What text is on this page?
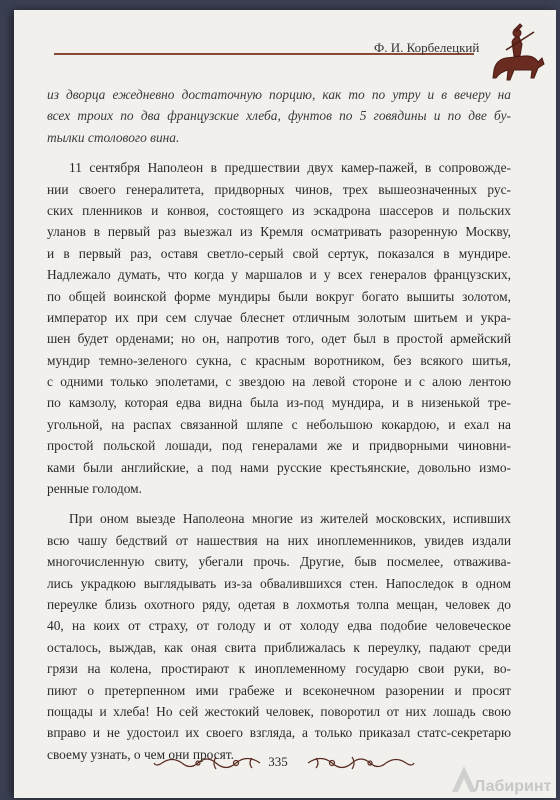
Ф. И. Корбелецкий
из дворца ежедневно достаточную порцию, как то по утру и в вечеру на
всех троих по два французские хлеба, фунтов по 5 говядины и по две бу-
тылки столового вина.
11 сентября Наполеон в предшествии двух камер-пажей, в сопровожде-
нии своего генералитета, придворных чинов, трех вышеозначенных рус-
ских пленников и конвоя, состоящего из эскадрона шассеров и польских
уланов в первый раз выезжал из Кремля осматривать разоренную Москву,
и в первый раз, оставя светло-серый свой сертук, показался в мундире.
Надлежало думать, что когда у маршалов и у всех генералов французских,
по общей воинской форме мундиры были вокруг богато вышиты золотом,
император их при сем случае блеснет отличным золотым шитьем и укра-
шен будет орденами; но он, напротив того, одет был в простой армейский
мундир темно-зеленого сукна, с красным воротником, без всякого шитья,
с одними только эполетами, с звездою на левой стороне и с алою лентою
по камзолу, которая едва видна была из-под мундира, и в низенькой тре-
угольной, на распах связанной шляпе с небольшою кокардою, и ехал на
простой польской лошади, под генералами же и придворными чиновни-
ками были английские, а под нами русские крестьянские, довольно измо-
ренные голодом.
При оном выезде Наполеона многие из жителей московских, испивших
всю чашу бедствий от нашествия на них иноплеменников, увидев издали
многочисленную свиту, убегали прочь. Другие, быв посмелее, отважива-
лись украдкою выглядывать из-за обвалившихся стен. Напоследок в одном
переулке близь охотного ряду, одетая в лохмотья толпа мещан, человек до
40, на коих от страху, от голоду и от холоду едва подобие человеческое
осталось, выждав, как оная свита приближалась к переулку, падают среди
грязи на колена, простирают к иноплеменному государю свои руки, во-
пиют о претерпенном ими грабеже и всеконечном разорении и просят
пощады и хлеба! Но сей жестокий человек, поворотил от них лошадь свою
вправо и не удостоил их своего взгляда, а только приказал статс-секретарю
своему узнать, о чем они просят.	335
Лабиринт
